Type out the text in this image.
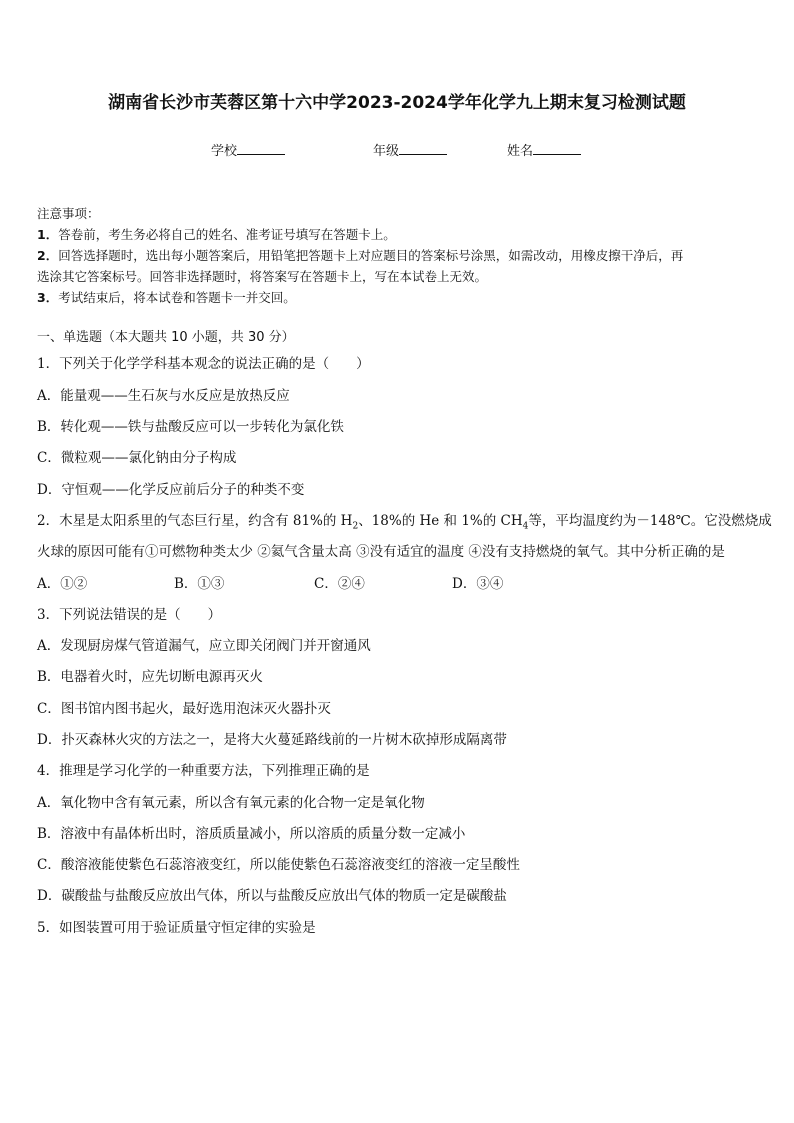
湖南省长沙市芙蓉区第十六中学2023-2024学年化学九上期末复习检测试题
学校	年级	姓名
注意事项：
1．答卷前，考生务必将自己的姓名、准考证号填写在答题卡上。
2．回答选择题时，选出每小题答案后，用铅笔把答题卡上对应题目的答案标号涂黑，如需改动，用橡皮擦干净后，再
选涂其它答案标号。回答非选择题时，将答案写在答题卡上，写在本试卷上无效。
3．考试结束后，将本试卷和答题卡一并交回。
一、单选题（本大题共 10 小题，共 30 分）
1．下列关于化学学科基本观念的说法正确的是（　　）
A．能量观——生石灰与水反应是放热反应
B．转化观——铁与盐酸反应可以一步转化为氯化铁
C．微粒观——氯化钠由分子构成
D．守恒观——化学反应前后分子的种类不变
2．木星是太阳系里的气态巨行星，约含有 81%的 $H_2$、18%的 He 和 1%的 $CH_4$等，平均温度约为－148℃。它没燃烧成
火球的原因可能有①可燃物种类太少 ②氦气含量太高 ③没有适宜的温度 ④没有支持燃烧的氧气。其中分析正确的是
A．①②	B．①③	C．②④	D．③④
3．下列说法错误的是（　　）
A．发现厨房煤气管道漏气，应立即关闭阀门并开窗通风
B．电器着火时，应先切断电源再灭火
C．图书馆内图书起火，最好选用泡沫灭火器扑灭
D．扑灭森林火灾的方法之一，是将大火蔓延路线前的一片树木砍掉形成隔离带
4．推理是学习化学的一种重要方法，下列推理正确的是
A．氧化物中含有氧元素，所以含有氧元素的化合物一定是氧化物
B．溶液中有晶体析出时，溶质质量减小，所以溶质的质量分数一定减小
C．酸溶液能使紫色石蕊溶液变红，所以能使紫色石蕊溶液变红的溶液一定呈酸性
D．碳酸盐与盐酸反应放出气体，所以与盐酸反应放出气体的物质一定是碳酸盐
5．如图装置可用于验证质量守恒定律的实验是
